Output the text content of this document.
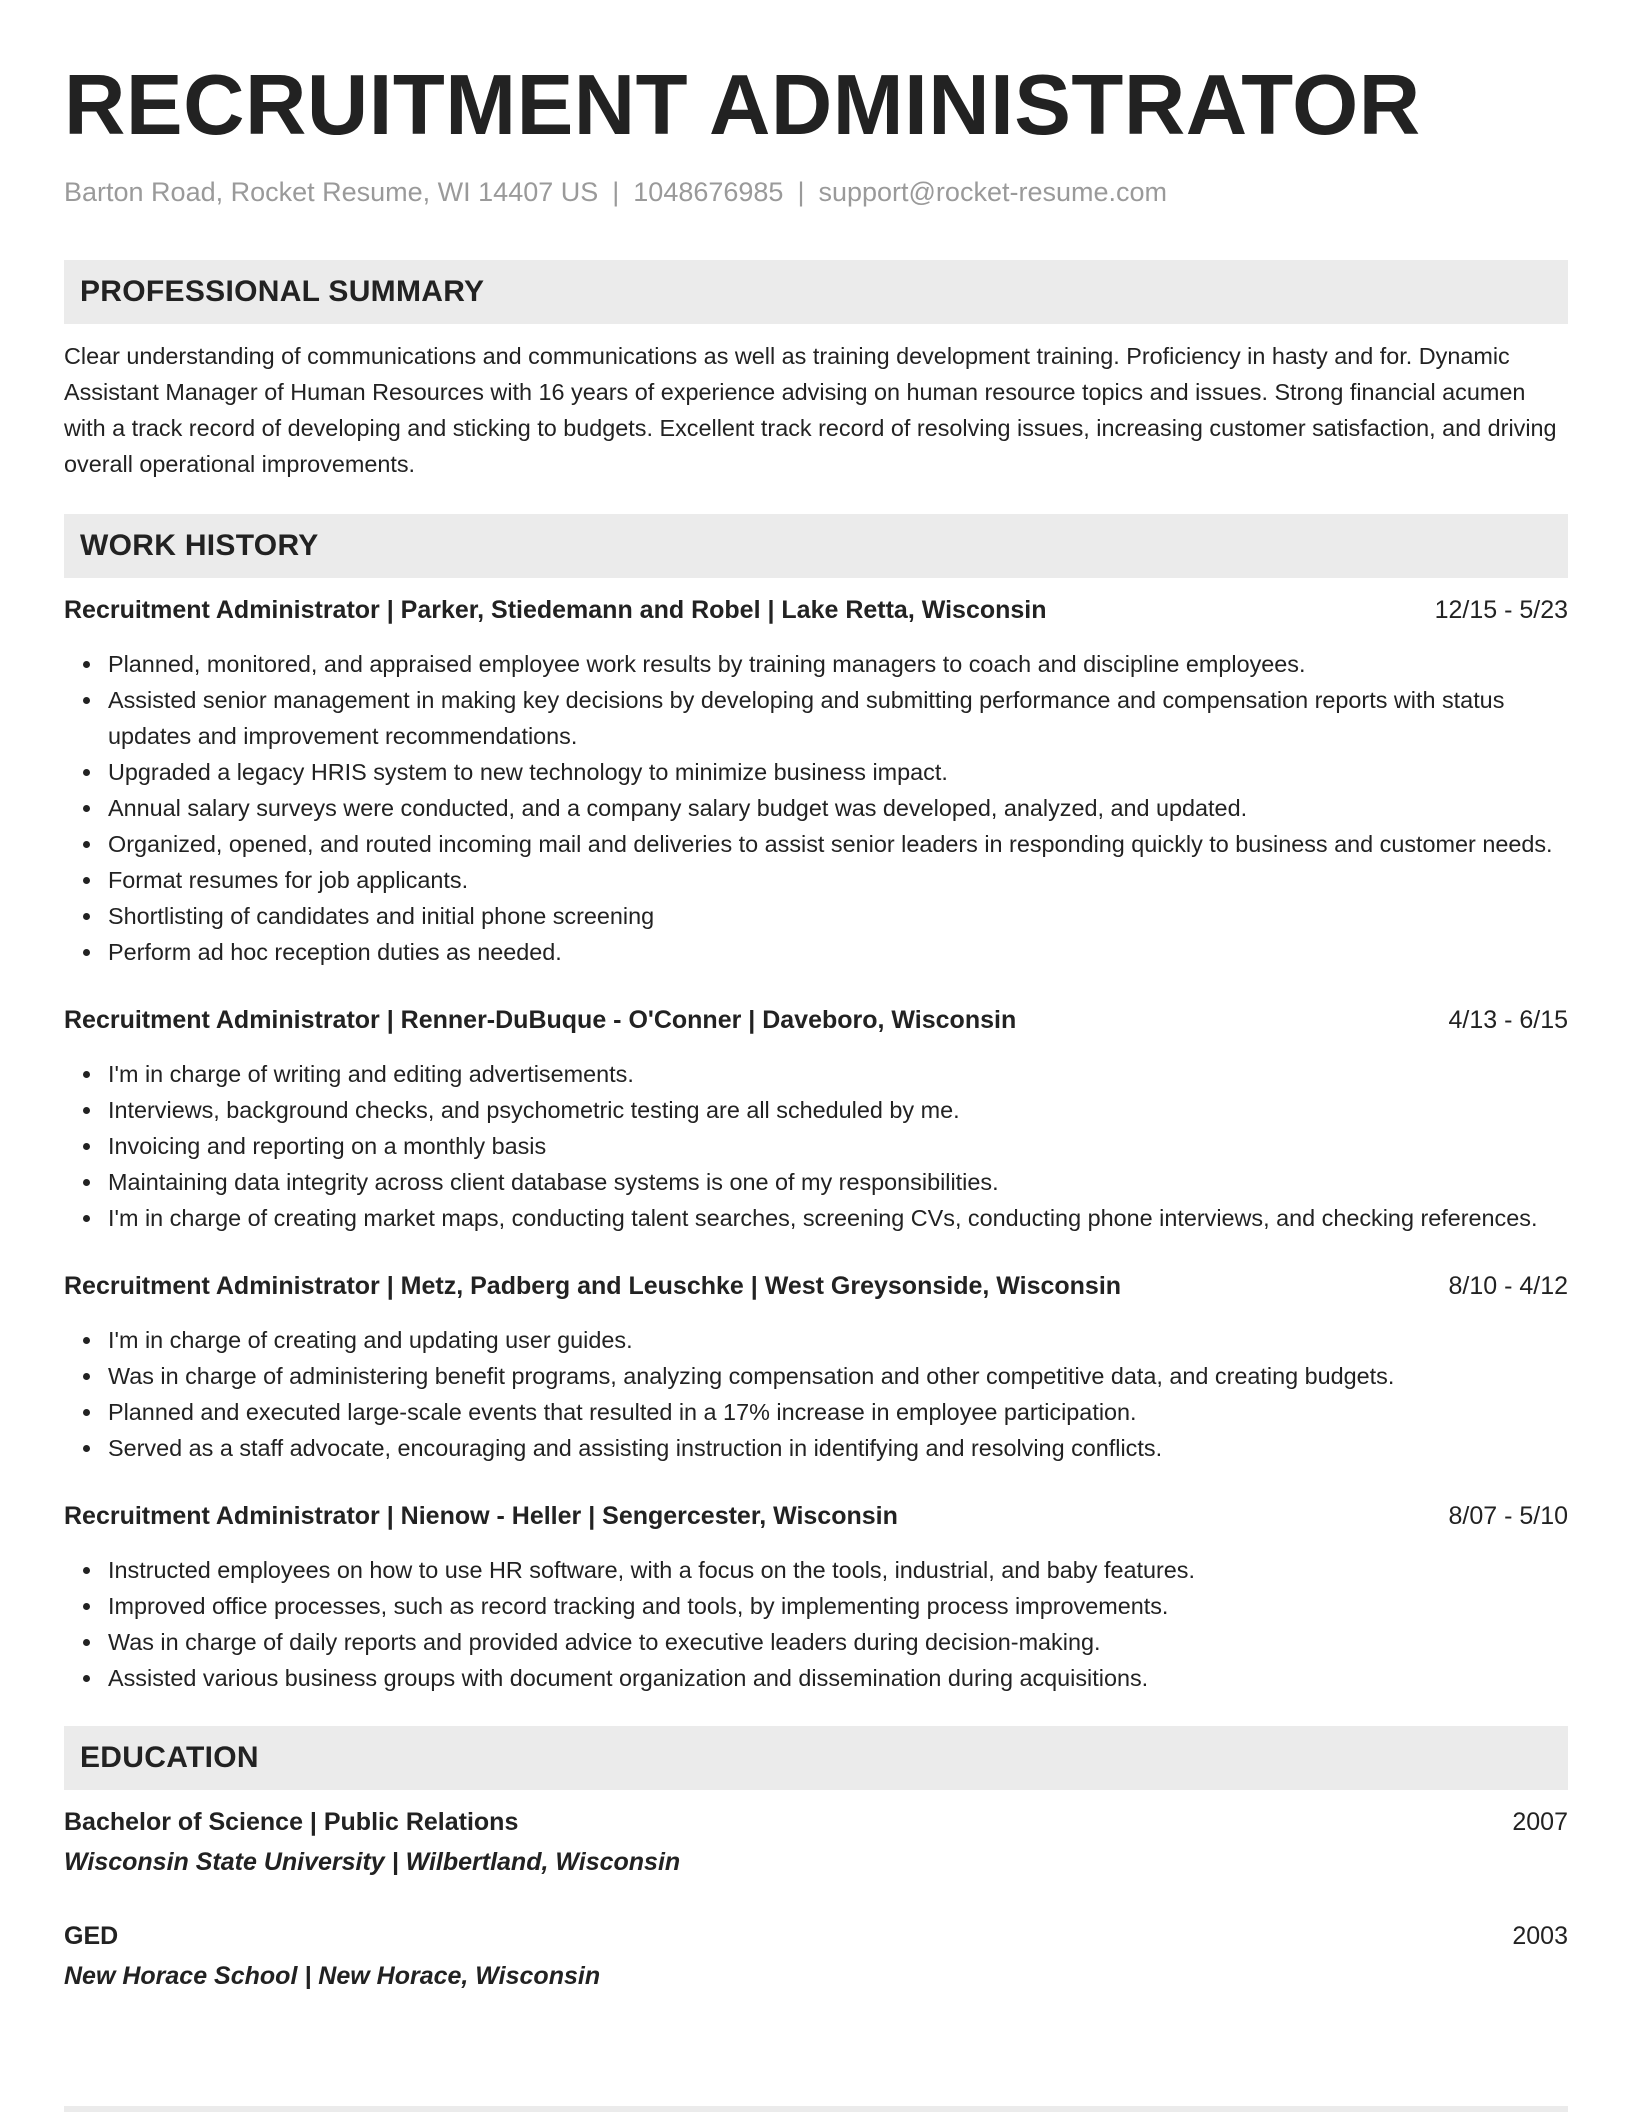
RECRUITMENT ADMINISTRATOR
Barton Road, Rocket Resume, WI 14407 US | 1048676985 | support@rocket-resume.com
PROFESSIONAL SUMMARY
Clear understanding of communications and communications as well as training development training. Proficiency in hasty and for. Dynamic Assistant Manager of Human Resources with 16 years of experience advising on human resource topics and issues. Strong financial acumen with a track record of developing and sticking to budgets. Excellent track record of resolving issues, increasing customer satisfaction, and driving overall operational improvements.
WORK HISTORY
Recruitment Administrator | Parker, Stiedemann and Robel | Lake Retta, Wisconsin	12/15 - 5/23
Planned, monitored, and appraised employee work results by training managers to coach and discipline employees.
Assisted senior management in making key decisions by developing and submitting performance and compensation reports with status updates and improvement recommendations.
Upgraded a legacy HRIS system to new technology to minimize business impact.
Annual salary surveys were conducted, and a company salary budget was developed, analyzed, and updated.
Organized, opened, and routed incoming mail and deliveries to assist senior leaders in responding quickly to business and customer needs.
Format resumes for job applicants.
Shortlisting of candidates and initial phone screening
Perform ad hoc reception duties as needed.
Recruitment Administrator | Renner-DuBuque - O'Conner | Daveboro, Wisconsin	4/13 - 6/15
I'm in charge of writing and editing advertisements.
Interviews, background checks, and psychometric testing are all scheduled by me.
Invoicing and reporting on a monthly basis
Maintaining data integrity across client database systems is one of my responsibilities.
I'm in charge of creating market maps, conducting talent searches, screening CVs, conducting phone interviews, and checking references.
Recruitment Administrator | Metz, Padberg and Leuschke | West Greysonside, Wisconsin	8/10 - 4/12
I'm in charge of creating and updating user guides.
Was in charge of administering benefit programs, analyzing compensation and other competitive data, and creating budgets.
Planned and executed large-scale events that resulted in a 17% increase in employee participation.
Served as a staff advocate, encouraging and assisting instruction in identifying and resolving conflicts.
Recruitment Administrator | Nienow - Heller | Sengercester, Wisconsin	8/07 - 5/10
Instructed employees on how to use HR software, with a focus on the tools, industrial, and baby features.
Improved office processes, such as record tracking and tools, by implementing process improvements.
Was in charge of daily reports and provided advice to executive leaders during decision-making.
Assisted various business groups with document organization and dissemination during acquisitions.
EDUCATION
Bachelor of Science | Public Relations	2007
Wisconsin State University | Wilbertland, Wisconsin
GED	2003
New Horace School | New Horace, Wisconsin
